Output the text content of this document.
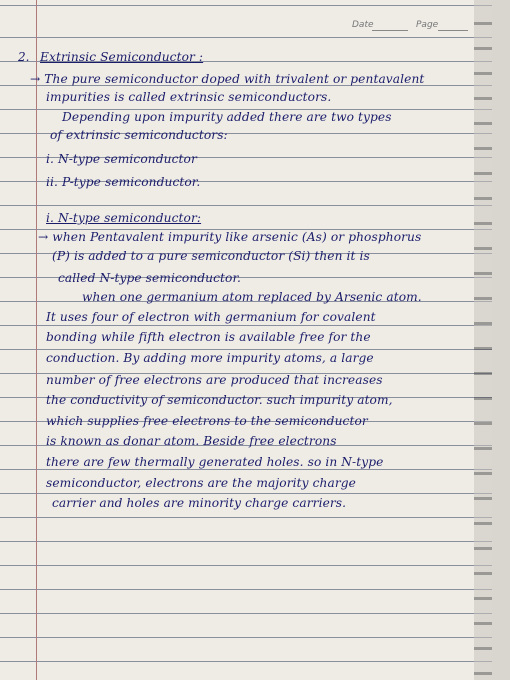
Date	Page
2. Extrinsic Semiconductor :
→ The pure semiconductor doped with trivalent or pentavalent
impurities is called extrinsic semiconductors.
Depending upon impurity added there are two types
of extrinsic semiconductors:
i. N-type semiconductor
ii. P-type semiconductor.
i. N-type semiconductor:
→ when Pentavalent impurity like arsenic (As) or phosphorus
(P) is added to a pure semiconductor (Si) then it is
called N-type semiconductor.
when one germanium atom replaced by Arsenic atom.
It uses four of electron with germanium for covalent
bonding while fifth electron is available free for the
conduction. By adding more impurity atoms, a large
number of free electrons are produced that increases
the conductivity of semiconductor. such impurity atom,
which supplies free electrons to the semiconductor
is known as donar atom. Beside free electrons
there are few thermally generated holes. so in N-type
semiconductor, electrons are the majority charge
carrier and holes are minority charge carriers.
